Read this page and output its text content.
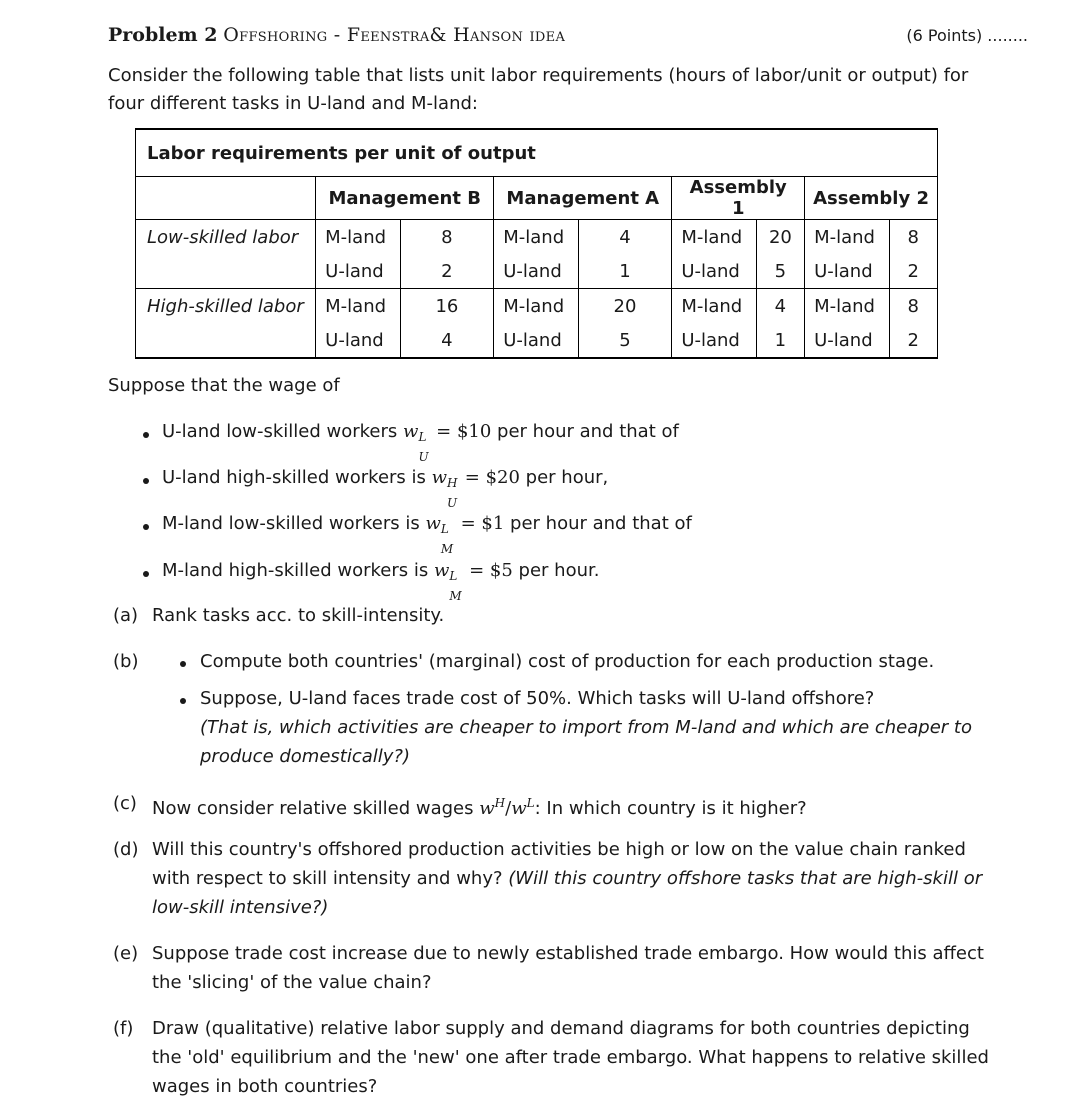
Problem 2 Offshoring - Feenstra& Hanson idea	(6 Points) ........
Consider the following table that lists unit labor requirements (hours of labor/unit or output) for four different tasks in U-land and M-land:
Labor requirements per unit of output								
	Management B		Management A		Assembly 1		Assembly 2	
Low-skilled labor	M-land	8	M-land	4	M-land	20	M-land	8
	U-land	2	U-land	1	U-land	5	U-land	2
High-skilled labor	M-land	16	M-land	20	M-land	4	M-land	8
	U-land	4	U-land	5	U-land	1	U-land	2
Suppose that the wage of
U-land low-skilled workers w L
U
= $10 per hour and that of
U-land high-skilled workers is w H
U
= $20 per hour,
M-land low-skilled workers is w L
M
= $1 per hour and that of
M-land high-skilled workers is w L
M
= $5 per hour.
(a) Rank tasks acc. to skill-intensity.
(b)	Compute both countries' (marginal) cost of production for each production stage.
Suppose, U-land faces trade cost of 50%. Which tasks will U-land offshore?
(That is, which activities are cheaper to import from M-land and which are cheaper to
produce domestically?)
(c) Now consider relative skilled wages $w^H/w^L$: In which country is it higher?
(d) Will this country's offshored production activities be high or low on the value chain ranked
with respect to skill intensity and why? (Will this country offshore tasks that are high-skill or
low-skill intensive?)
(e) Suppose trade cost increase due to newly established trade embargo. How would this affect
the 'slicing' of the value chain?
(f) Draw (qualitative) relative labor supply and demand diagrams for both countries depicting
the 'old' equilibrium and the 'new' one after trade embargo. What happens to relative skilled
wages in both countries?
